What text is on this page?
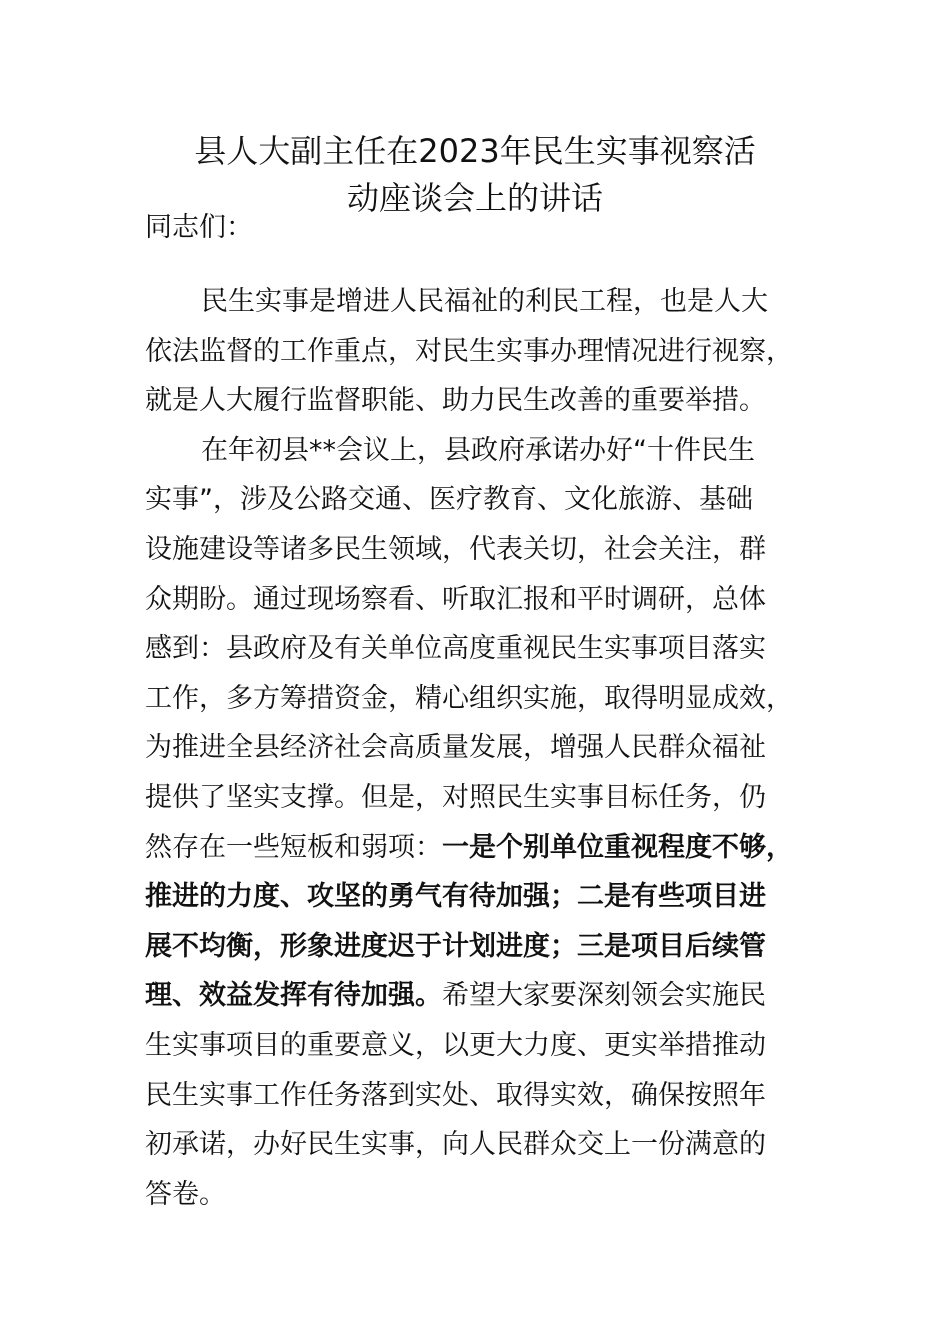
县人大副主任在2023年民生实事视察活
动座谈会上的讲话

同志们：

民生实事是增进人民福祉的利民工程，也是人大
依法监督的工作重点，对民生实事办理情况进行视察，
就是人大履行监督职能、助力民生改善的重要举措。

在年初县**会议上，县政府承诺办好“十件民生
实事”，涉及公路交通、医疗教育、文化旅游、基础
设施建设等诸多民生领域，代表关切，社会关注，群
众期盼。通过现场察看、听取汇报和平时调研，总体
感到：县政府及有关单位高度重视民生实事项目落实
工作，多方筹措资金，精心组织实施，取得明显成效，
为推进全县经济社会高质量发展，增强人民群众福祉
提供了坚实支撑。但是，对照民生实事目标任务，仍
然存在一些短板和弱项：一是个别单位重视程度不够，
推进的力度、攻坚的勇气有待加强；二是有些项目进
展不均衡，形象进度迟于计划进度；三是项目后续管
理、效益发挥有待加强。希望大家要深刻领会实施民
生实事项目的重要意义，以更大力度、更实举措推动
民生实事工作任务落到实处、取得实效，确保按照年
初承诺，办好民生实事，向人民群众交上一份满意的
答卷。
